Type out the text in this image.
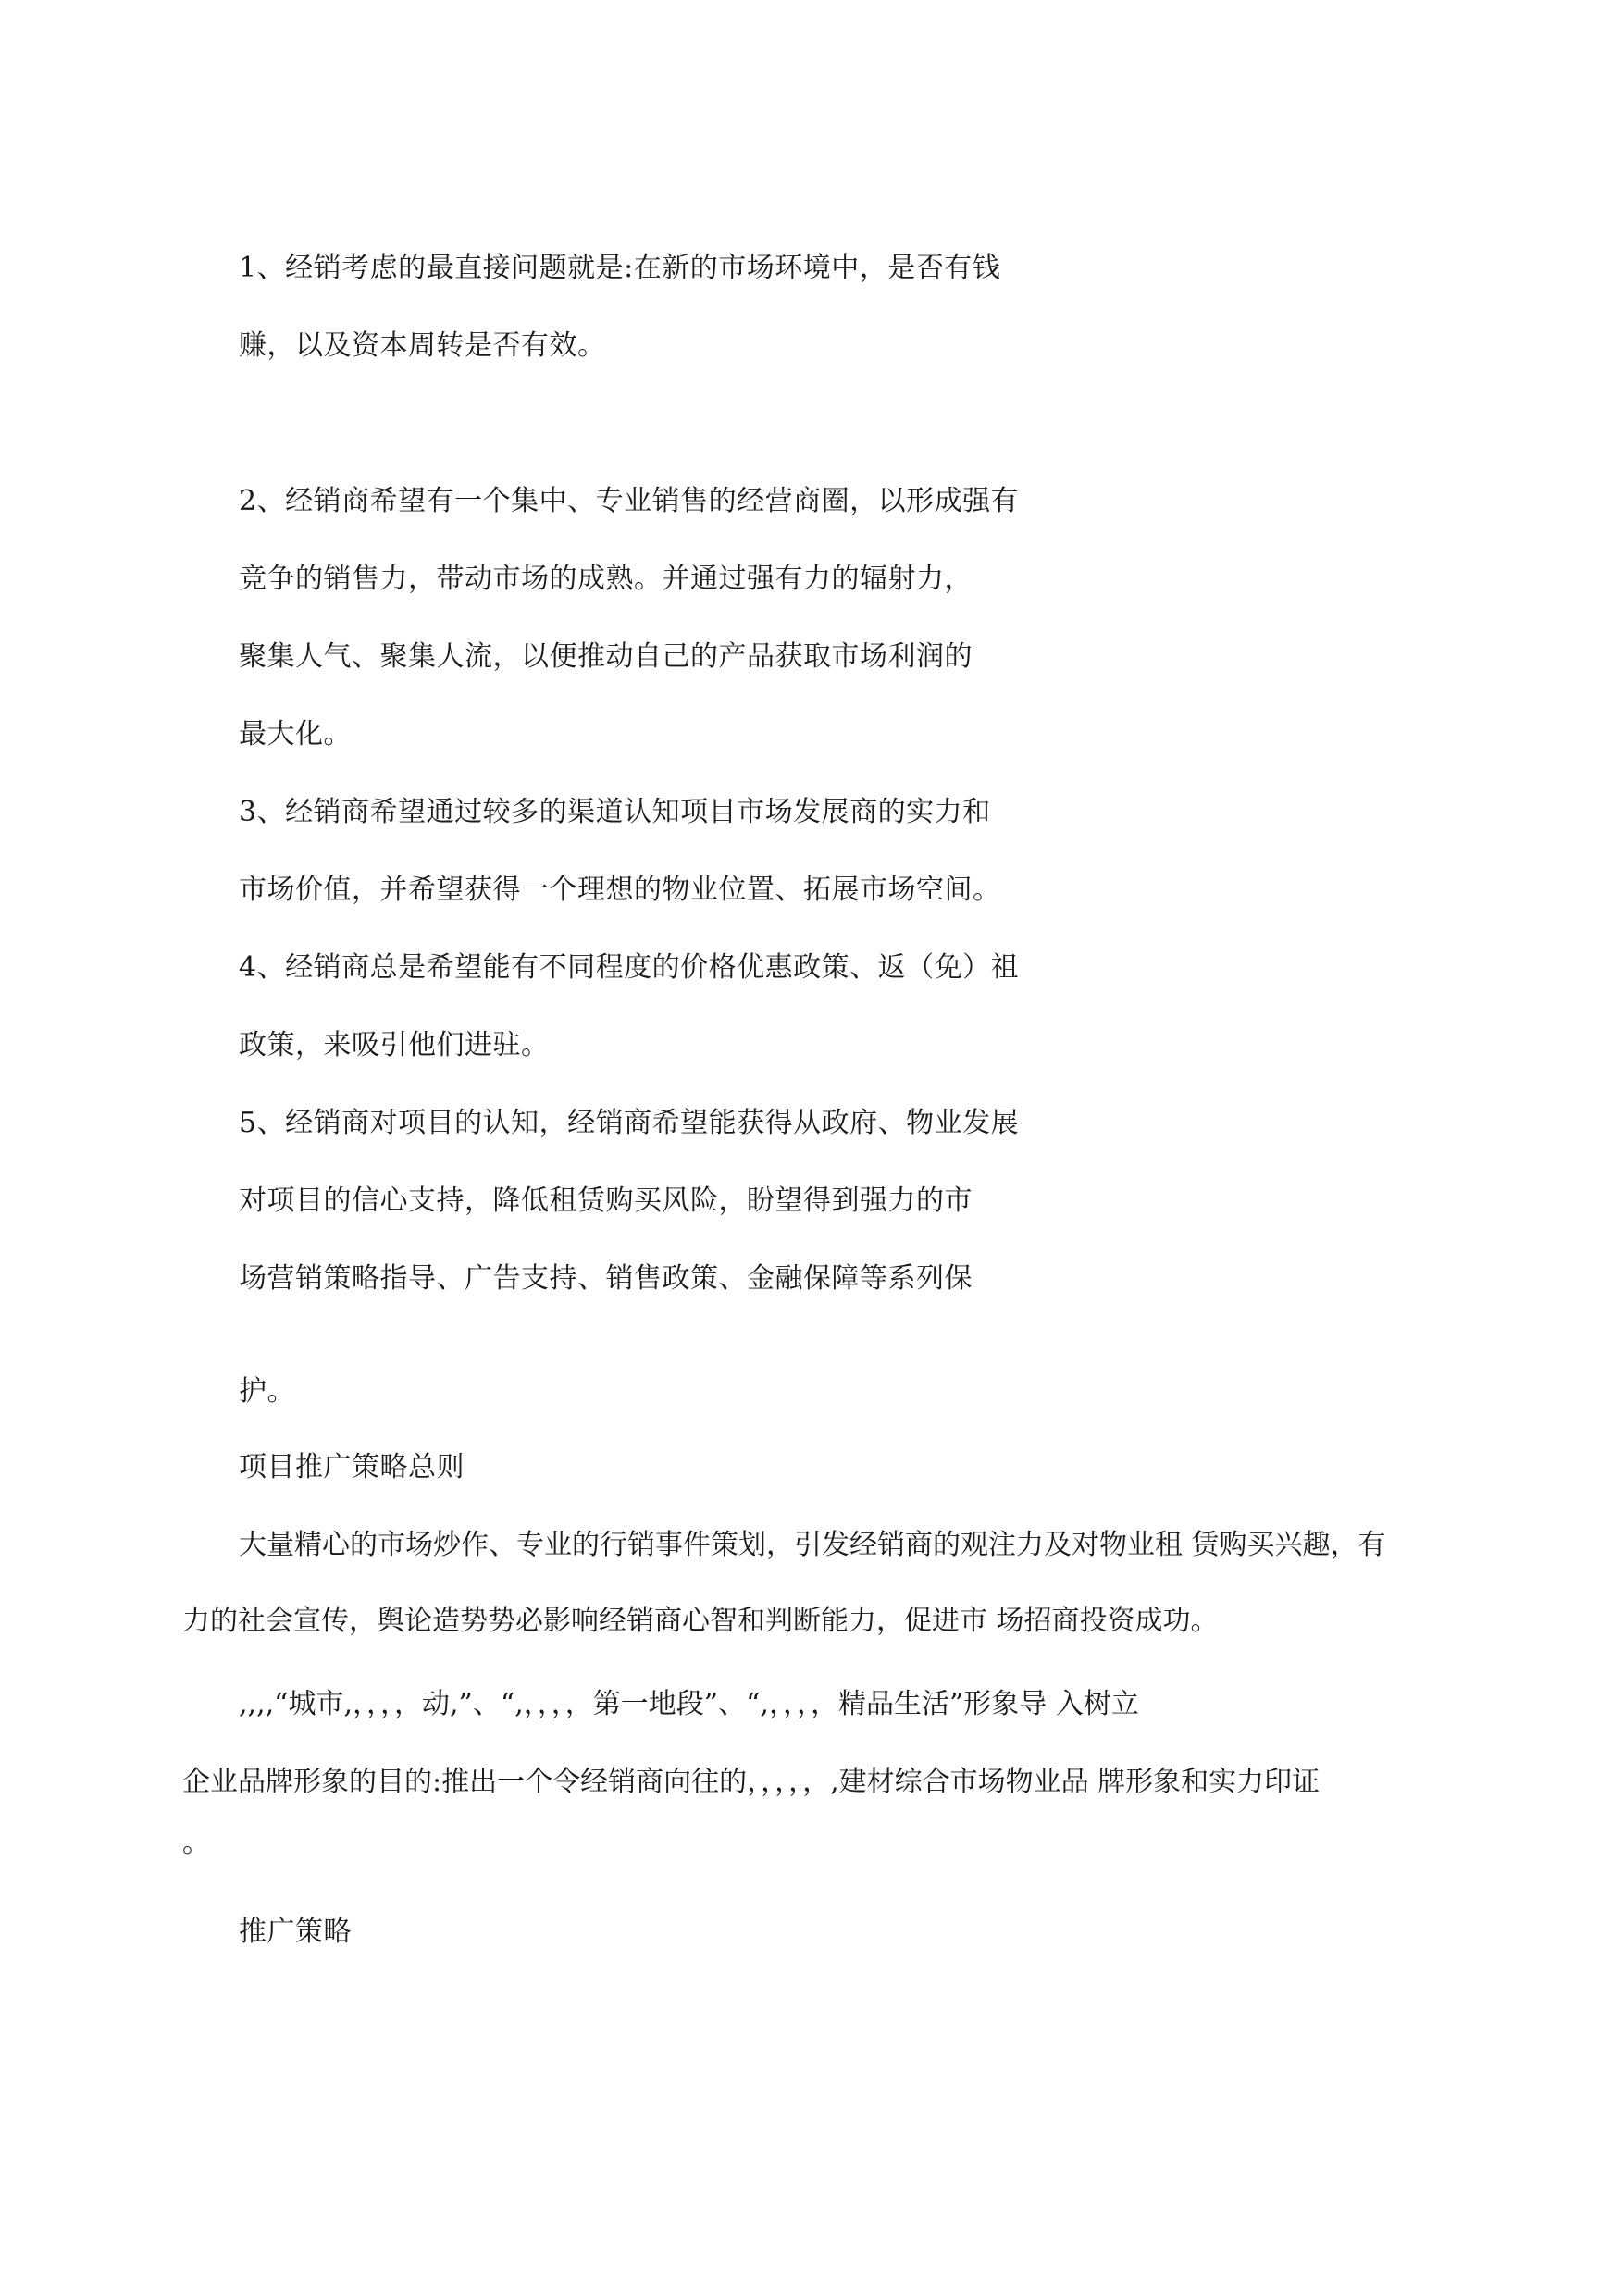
1、经销考虑的最直接问题就是:在新的市场环境中，是否有钱
赚，以及资本周转是否有效。
2、经销商希望有一个集中、专业销售的经营商圈，以形成强有
竞争的销售力，带动市场的成熟。并通过强有力的辐射力，
聚集人气、聚集人流，以便推动自己的产品获取市场利润的
最大化。
3、经销商希望通过较多的渠道认知项目市场发展商的实力和
市场价值，并希望获得一个理想的物业位置、拓展市场空间。
4、经销商总是希望能有不同程度的价格优惠政策、返（免）祖
政策，来吸引他们进驻。
5、经销商对项目的认知，经销商希望能获得从政府、物业发展
对项目的信心支持，降低租赁购买风险，盼望得到强力的市
场营销策略指导、广告支持、销售政策、金融保障等系列保
护。
项目推广策略总则
大量精心的市场炒作、专业的行销事件策划，引发经销商的观注力及对物业租 赁购买兴趣，有
力的社会宣传，舆论造势势必影响经销商心智和判断能力，促进市 场招商投资成功。
,,,,“城市,，，，，动,”、“,，，，，第一地段”、“,，，，，精品生活”形象导 入树立
企业品牌形象的目的:推出一个令经销商向往的，，，，，,建材综合市场物业品 牌形象和实力印证
。
推广策略
